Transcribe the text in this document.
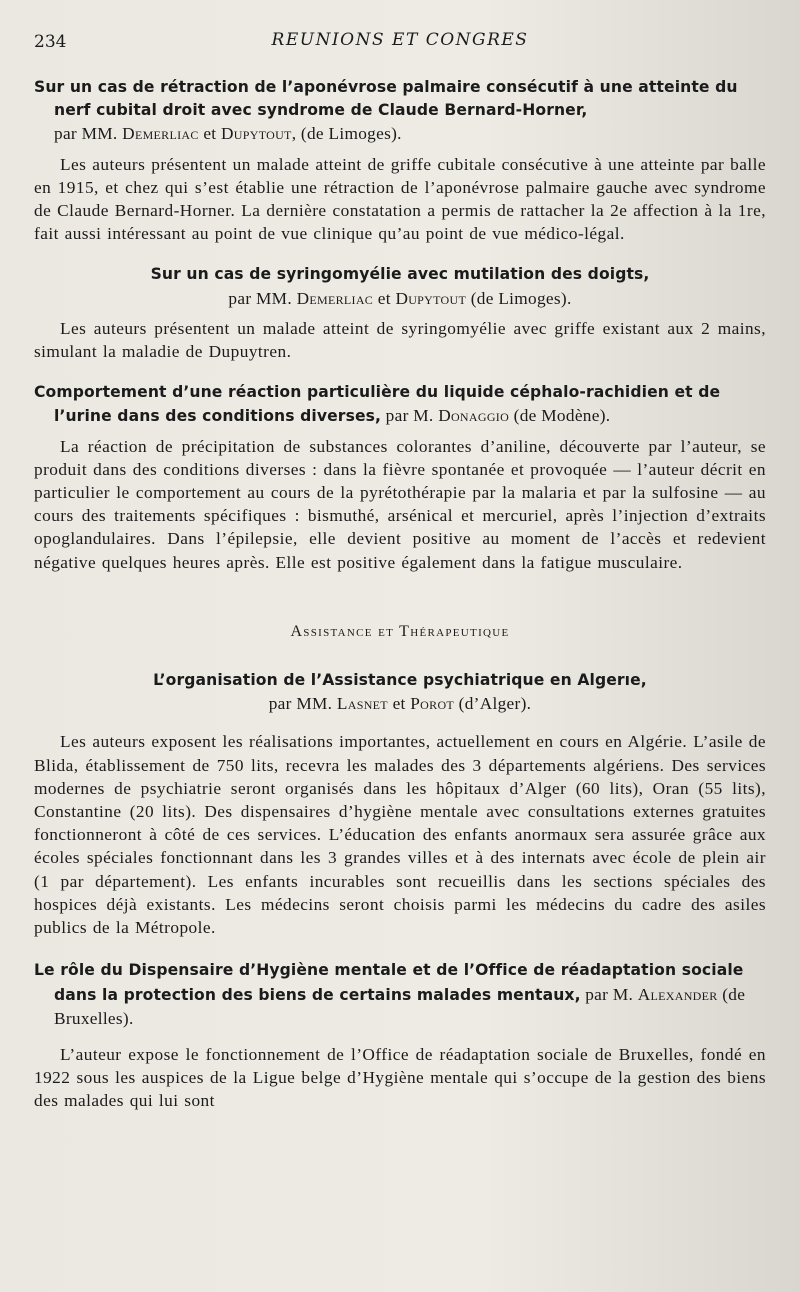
234	REUNIONS ET CONGRES

Sur un cas de rétraction de l’aponévrose palmaire consécutif à une atteinte du nerf cubital droit avec syndrome de Claude Bernard-Horner,
par MM. Demerliac et Dupytout, (de Limoges).

Les auteurs présentent un malade atteint de griffe cubitale consécutive à une atteinte par balle en 1915, et chez qui s’est établie une rétraction de l’aponévrose palmaire gauche avec syndrome de Claude Bernard-Horner. La dernière constatation a permis de rattacher la 2e affection à la 1re, fait aussi intéressant au point de vue clinique qu’au point de vue médico-légal.

Sur un cas de syringomyélie avec mutilation des doigts,
par MM. Demerliac et Dupytout (de Limoges).

Les auteurs présentent un malade atteint de syringomyélie avec griffe existant aux 2 mains, simulant la maladie de Dupuytren.

Comportement d’une réaction particulière du liquide céphalo-rachidien et de l’urine dans des conditions diverses, par M. Donaggio (de Modène).

La réaction de précipitation de substances colorantes d’aniline, découverte par l’auteur, se produit dans des conditions diverses : dans la fièvre spontanée et provoquée — l’auteur décrit en particulier le comportement au cours de la pyrétothérapie par la malaria et par la sulfosine — au cours des traitements spécifiques : bismuthé, arsénical et mercuriel, après l’injection d’extraits opoglandulaires. Dans l’épilepsie, elle devient positive au moment de l’accès et redevient négative quelques heures après. Elle est positive également dans la fatigue musculaire.

Assistance et Thérapeutique

L’organisation de l’Assistance psychiatrique en Algerıe,
par MM. Lasnet et Porot (d’Alger).

Les auteurs exposent les réalisations importantes, actuellement en cours en Algérie. L’asile de Blida, établissement de 750 lits, recevra les malades des 3 départements algériens. Des services modernes de psychiatrie seront organisés dans les hôpitaux d’Alger (60 lits), Oran (55 lits), Constantine (20 lits). Des dispensaires d’hygiène mentale avec consultations externes gratuites fonctionneront à côté de ces services. L’éducation des enfants anormaux sera assurée grâce aux écoles spéciales fonctionnant dans les 3 grandes villes et à des internats avec école de plein air (1 par département). Les enfants incurables sont recueillis dans les sections spéciales des hospices déjà existants. Les médecins seront choisis parmi les médecins du cadre des asiles publics de la Métropole.

Le rôle du Dispensaire d’Hygiène mentale et de l’Office de réadaptation sociale dans la protection des biens de certains malades mentaux, par M. Alexander (de Bruxelles).

L’auteur expose le fonctionnement de l’Office de réadaptation sociale de Bruxelles, fondé en 1922 sous les auspices de la Ligue belge d’Hygiène mentale qui s’occupe de la gestion des biens des malades qui lui sont
